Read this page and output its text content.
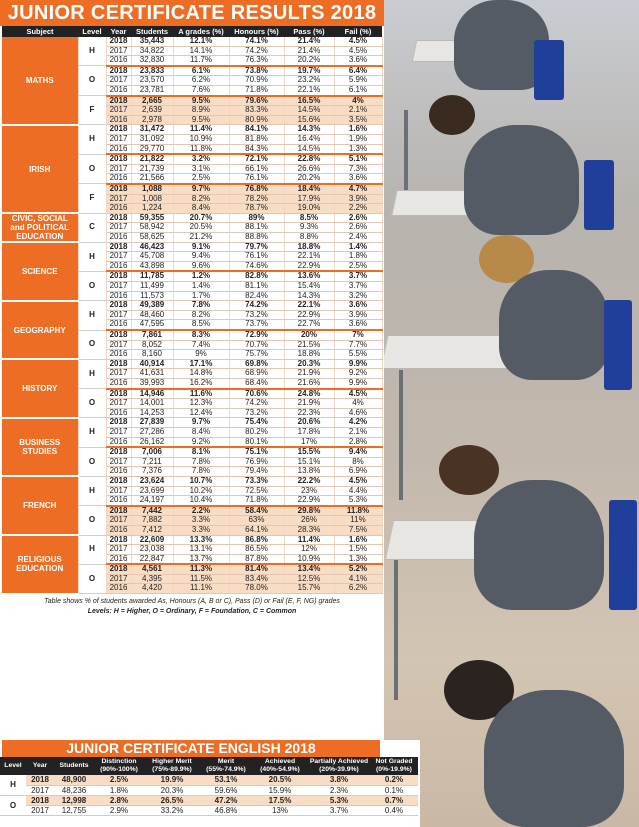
JUNIOR CERTIFICATE RESULTS 2018
Subject	Level	Year	Students	A grades (%)	Honours (%)	Pass (%)	Fail (%)
MATHS	H	2018	35,443	12.1%	74.1%	21.4%	4.5%
		2017	34,822	14.1%	74.2%	21.4%	4.5%
		2016	32,830	11.7%	76.3%	20.2%	3.6%
	O	2018	23,833	6.1%	73.8%	19.7%	6.4%
		2017	23,570	6.2%	70.9%	23.2%	5.9%
		2016	23,781	7.6%	71.8%	22.1%	6.1%
	F	2018	2,665	9.5%	79.6%	16.5%	4%
		2017	2,639	8.9%	83.3%	14.5%	2.1%
		2016	2,978	9.5%	80.9%	15.6%	3.5%
IRISH	H	2018	31,472	11.4%	84.1%	14.3%	1.6%
		2017	31,092	10.9%	81.8%	16.4%	1.9%
		2016	29,770	11.8%	84.3%	14.5%	1.3%
	O	2018	21,822	3.2%	72.1%	22.8%	5.1%
		2017	21,739	3.1%	66.1%	26.6%	7.3%
		2016	21,566	2.5%	76.1%	20.2%	3.6%
	F	2018	1,088	9.7%	76.8%	18.4%	4.7%
		2017	1,008	8.2%	78.2%	17.9%	3.9%
		2016	1,224	8.4%	78.7%	19.0%	2.2%
CIVIC, SOCIAL and POLITICAL EDUCATION	C	2018	59,355	20.7%	89%	8.5%	2.6%
		2017	58,942	20.5%	88.1%	9.3%	2.6%
		2016	58,625	21.2%	88.8%	8.8%	2.4%
SCIENCE	H	2018	46,423	9.1%	79.7%	18.8%	1.4%
		2017	45,708	9.4%	76.1%	22.1%	1.8%
		2016	43,898	9.6%	74.6%	22.9%	2.5%
	O	2018	11,785	1.2%	82.8%	13.6%	3.7%
		2017	11,499	1.4%	81.1%	15.4%	3.7%
		2016	11,573	1.7%	82.4%	14.3%	3.2%
GEOGRAPHY	H	2018	49,389	7.8%	74.2%	22.1%	3.6%
		2017	48,460	8.2%	73.2%	22.9%	3.9%
		2016	47,595	8.5%	73.7%	22.7%	3.6%
	O	2018	7,861	8.3%	72.9%	20%	7%
		2017	8,052	7.4%	70.7%	21.5%	7.7%
		2016	8,160	9%	75.7%	18.8%	5.5%
HISTORY	H	2018	40,914	17.1%	69.8%	20.3%	9.9%
		2017	41,631	14.8%	68.9%	21.9%	9.2%
		2016	39,993	16.2%	68.4%	21.6%	9.9%
	O	2018	14,946	11.6%	70.6%	24.8%	4.5%
		2017	14,001	12.3%	74.2%	21.9%	4%
		2016	14,253	12.4%	73.2%	22.3%	4.6%
BUSINESS STUDIES	H	2018	27,839	9.7%	75.4%	20.6%	4.2%
		2017	27,286	8.4%	80.2%	17.8%	2.1%
		2016	26,162	9.2%	80.1%	17%	2.8%
	O	2018	7,006	8.1%	75.1%	15.5%	9.4%
		2017	7,211	7.8%	76.9%	15.1%	8%
		2016	7,376	7.8%	79.4%	13.8%	6.9%
FRENCH	H	2018	23,624	10.7%	73.3%	22.2%	4.5%
		2017	23,699	10.2%	72.5%	23%	4.4%
		2016	24,197	10.4%	71.8%	22.9%	5.3%
	O	2018	7,442	2.2%	58.4%	29.8%	11.8%
		2017	7,882	3.3%	63%	26%	11%
		2016	7,412	3.3%	64.1%	28.3%	7.5%
RELIGIOUS EDUCATION	H	2018	22,609	13.3%	86.8%	11.4%	1.6%
		2017	23,038	13.1%	86.5%	12%	1.5%
		2016	22,847	13.7%	87.8%	10.9%	1.3%
	O	2018	4,561	11.3%	81.4%	13.4%	5.2%
		2017	4,395	11.5%	83.4%	12.5%	4.1%
		2016	4,420	11.1%	78.0%	15.7%	6.2%
Table shows % of students awarded As, Honours (A, B or C), Pass (D) or Fail (E, F, NG) grades
Levels: H = Higher, O = Ordinary, F = Foundation, C = Common
JUNIOR CERTIFICATE ENGLISH 2018
Level	Year	Students	Distinction (90%-100%)	Higher Merit (75%-89.9%)	Merit (55%-74.9%)	Achieved (40%-54.9%)	Partially Achieved (20%-39.9%)	Not Graded (0%-19.9%)
H	2018	48,900	2.5%	19.9%	53.1%	20.5%	3.8%	0.2%
	2017	48,236	1.8%	20.3%	59.6%	15.9%	2.3%	0.1%
O	2018	12,998	2.8%	26.5%	47.2%	17.5%	5.3%	0.7%
	2017	12,755	2.9%	33.2%	46.8%	13%	3.7%	0.4%
